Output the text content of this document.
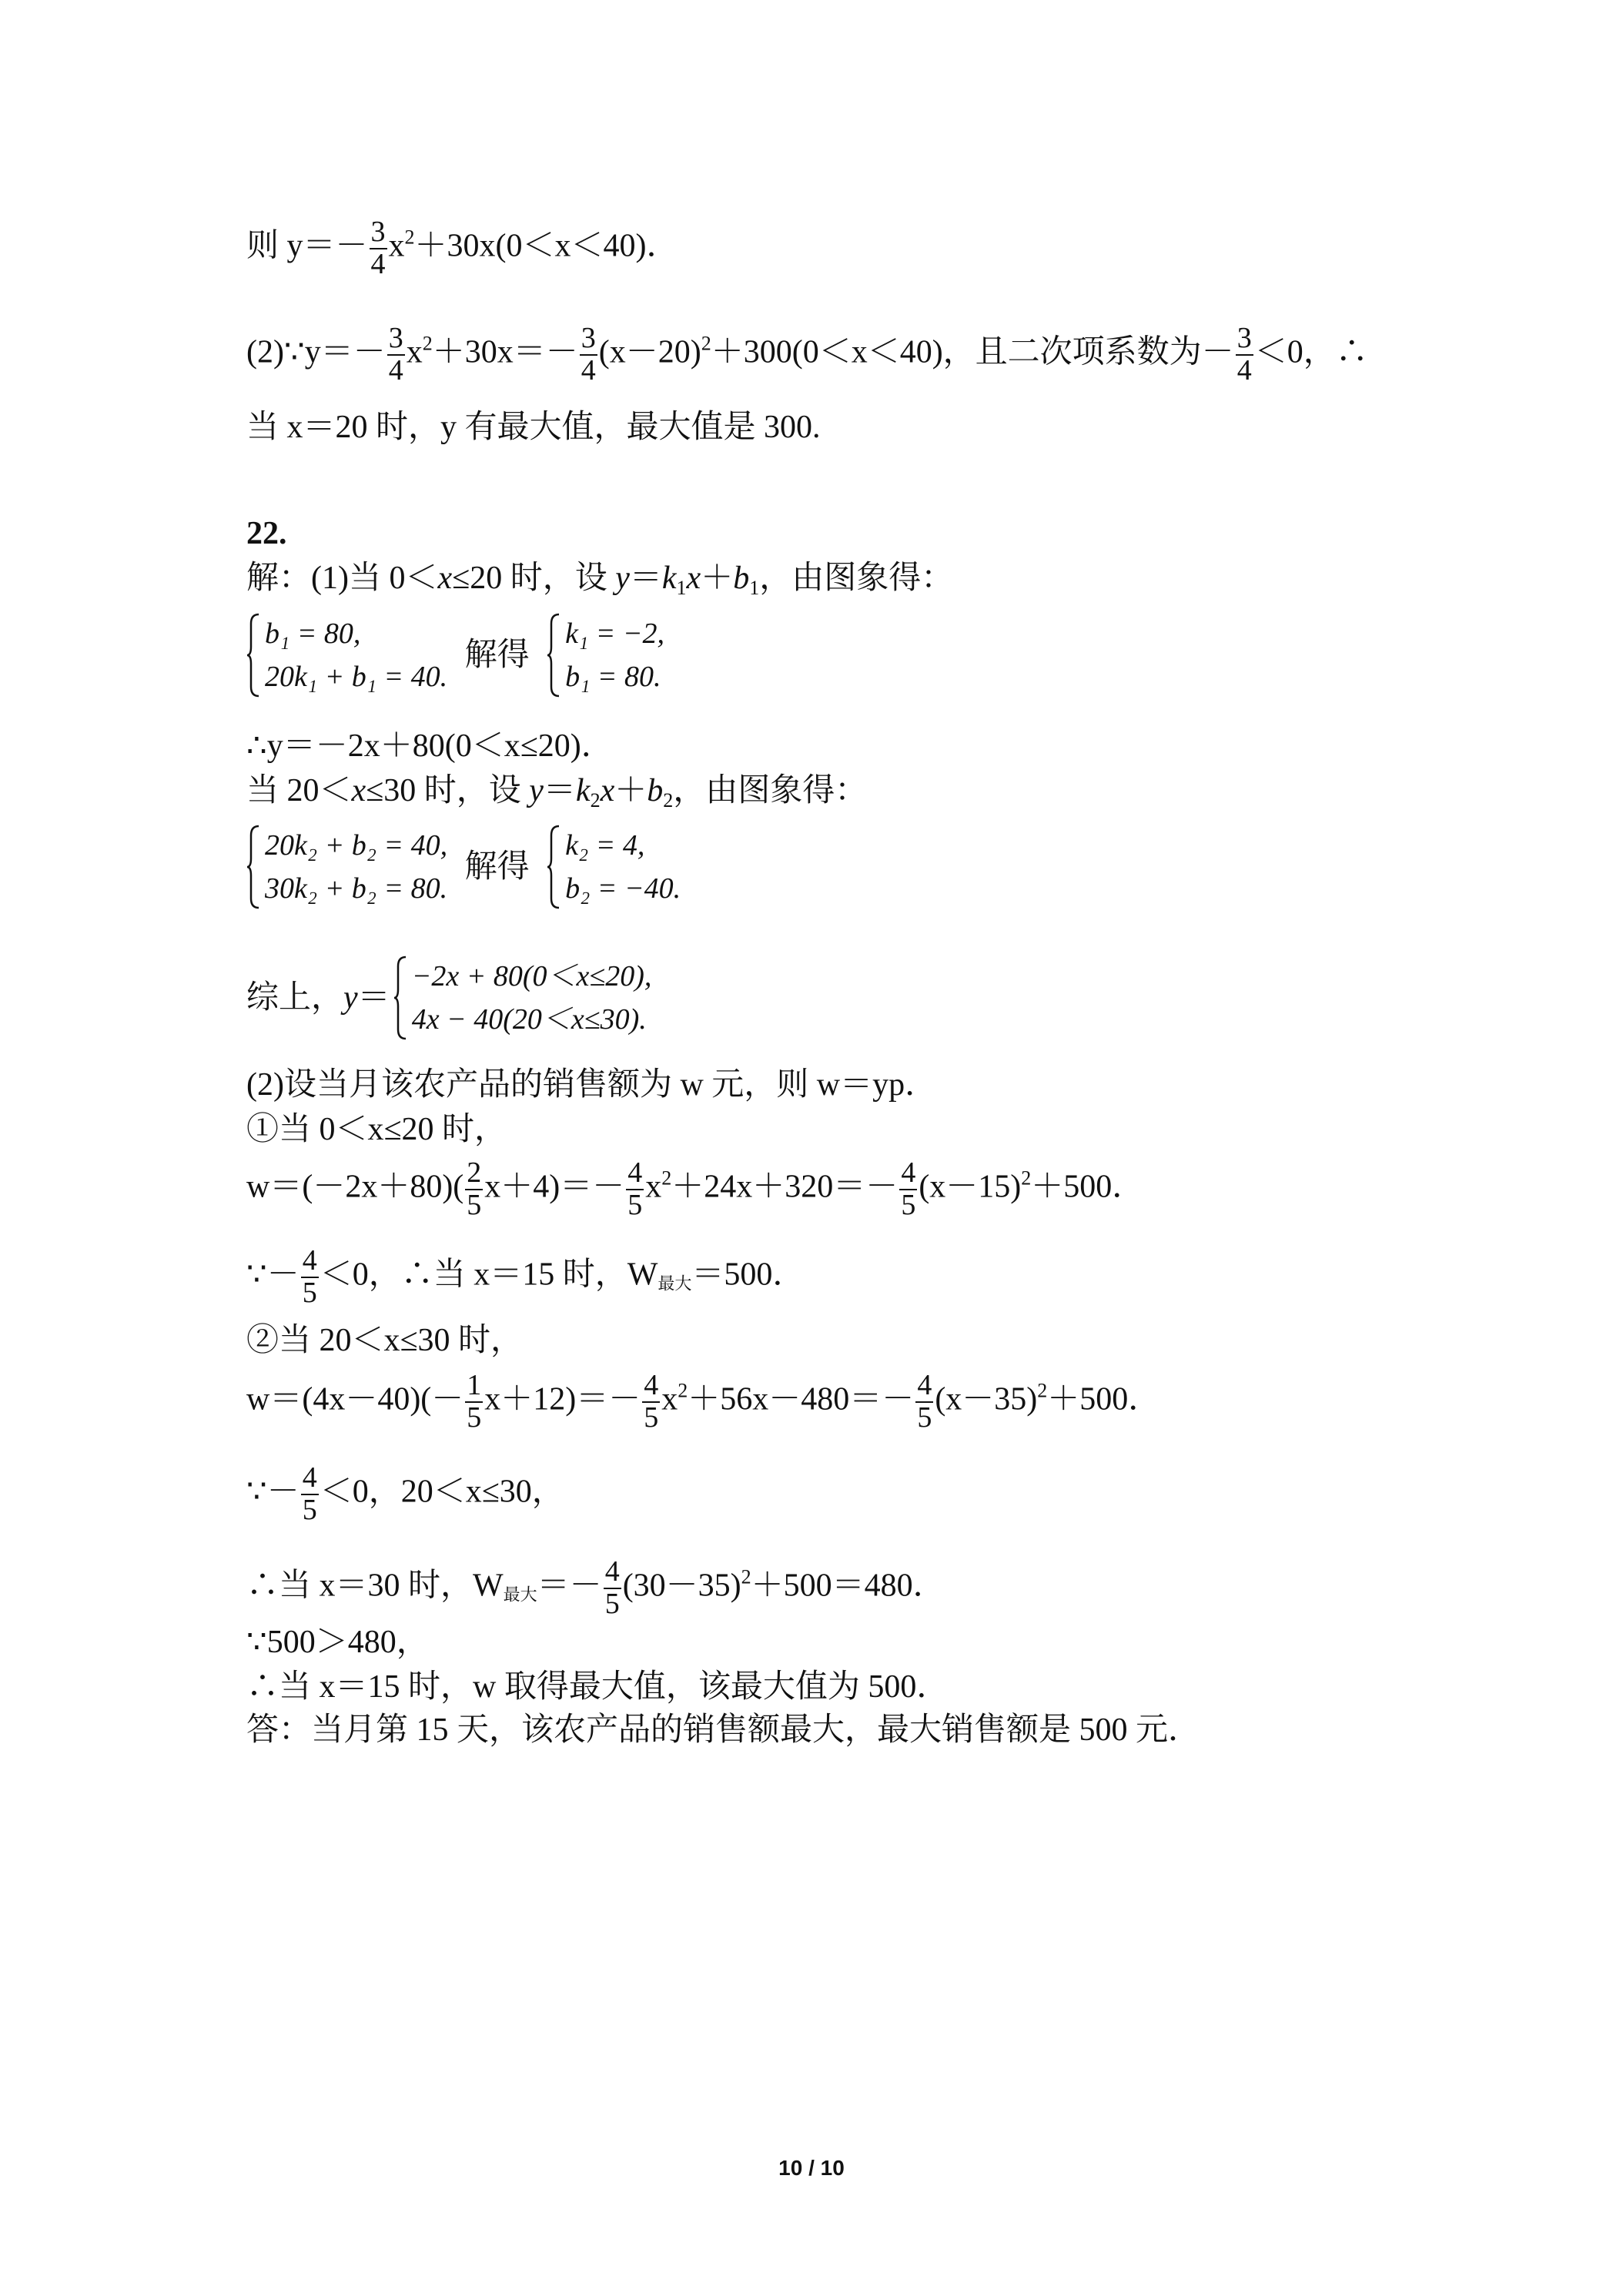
则 $y=- \frac{3}{4} x^2+30x(0<x<40)$．
(2)∵y＝－ $\frac{3}{4} x^2+30x=- \frac{3}{4} (x-20)^2+300(0<x<40)$，且二次项系数为－ $\frac{3}{4} <0$，∴
当 x＝20 时，y 有最大值，最大值是 300.
22.
解：(1)当 0＜x≤20 时，设 $y=k_1x+b_1$，由图象得：
b₁ = 80,
20k₁ + b₁ = 40.
解得
k₁ = −2,
b₁ = 80.
∴y＝－2x＋80(0＜x≤20)．
当 20＜x≤30 时，设 $y=k_2x+b_2$，由图象得：
20k₂ + b₂ = 40,
30k₂ + b₂ = 80.
解得
k₂ = 4,
b₂ = −40.
综上， y ＝
−2x + 80(0＜x≤20),
4x − 40(20＜x≤30).
(2)设当月该农产品的销售额为 w 元，则 w＝yp．
①当 0＜x≤20 时，
$w=(-2x+80)( \frac{2}{5} x+4)=- \frac{4}{5} x^2+24x+320=- \frac{4}{5} (x-15)^2+500$．
∵－ $\frac{4}{5} <0$，∴当 x＝15 时，W最大＝500．
②当 20＜x≤30 时，
$w=(4x-40)(- \frac{1}{5} x+12)=- \frac{4}{5} x^2+56x-480=- \frac{4}{5} (x-35)^2+500$．
∵－ $\frac{4}{5} <0$，20＜x≤30，
∴当 x＝30 时，W最大＝－ $\frac{4}{5} (30-35)^2+500=480$．
∵500＞480，
∴当 x＝15 时，w 取得最大值，该最大值为 500．
答：当月第 15 天，该农产品的销售额最大，最大销售额是 500 元．
10 / 10
